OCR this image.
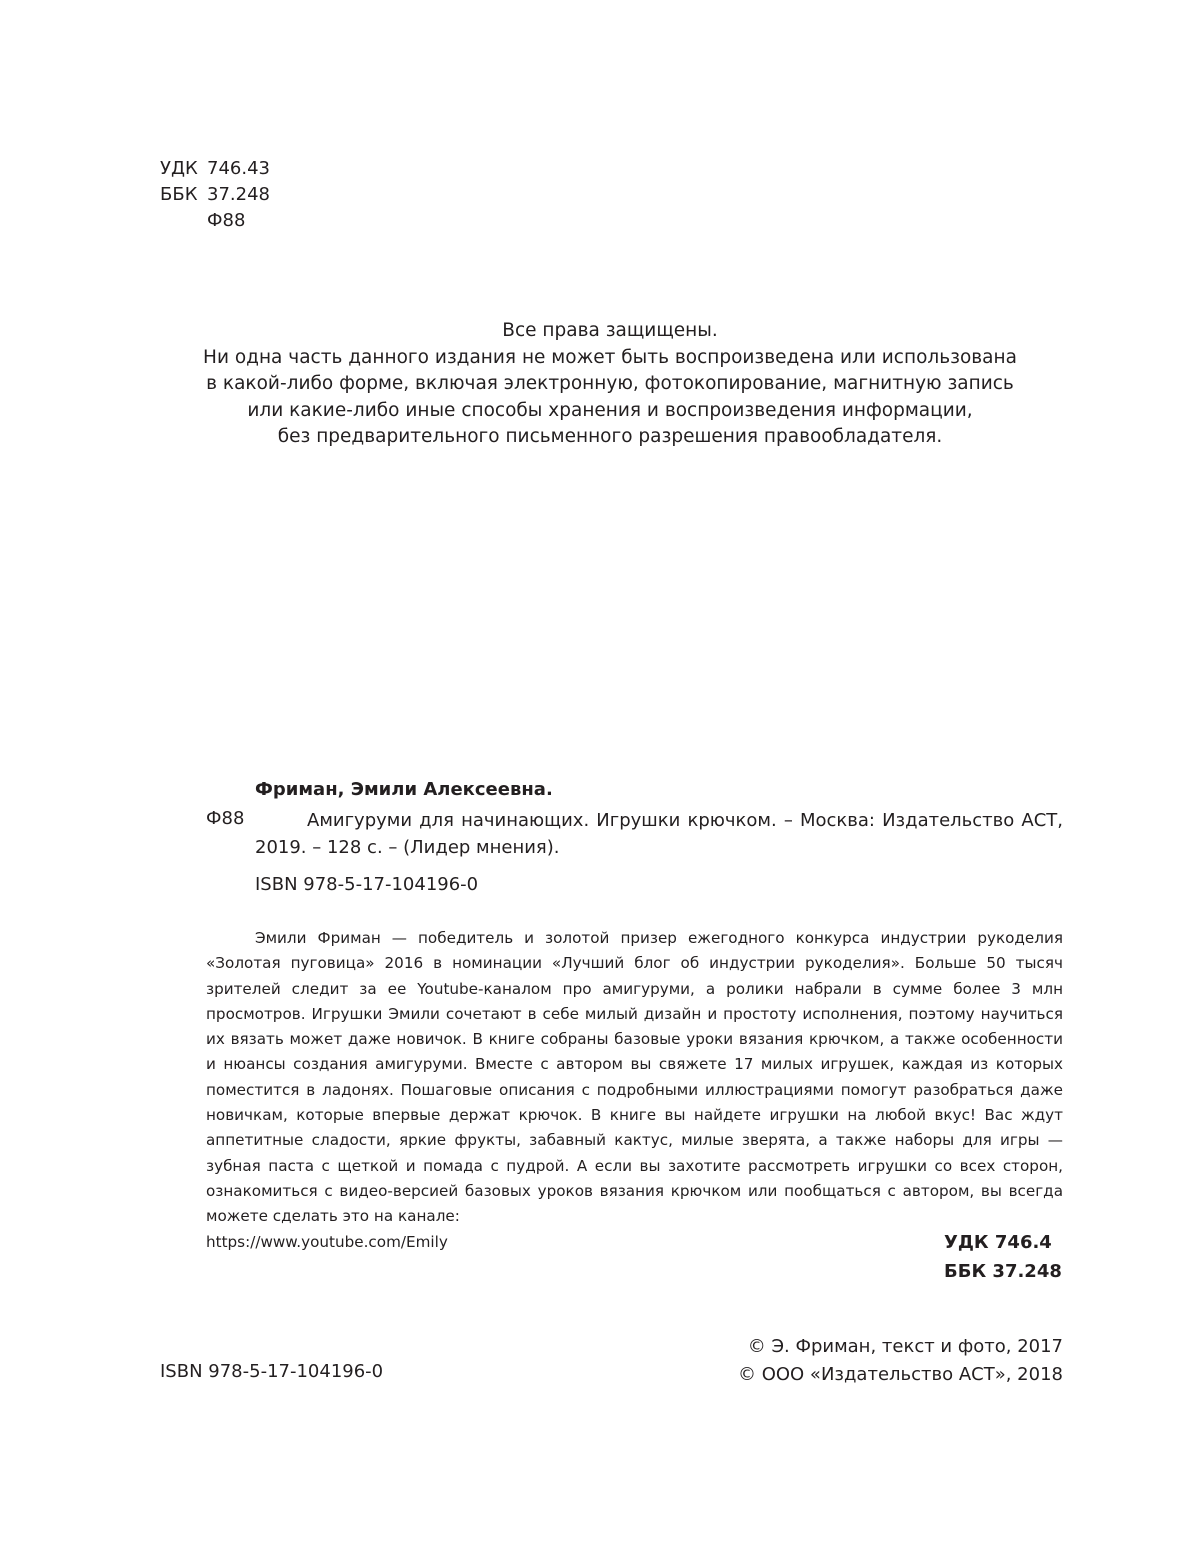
УДК 746.43
ББК 37.248
Ф88
Все права защищены.
Ни одна часть данного издания не может быть воспроизведена или использована
в какой-либо форме, включая электронную, фотокопирование, магнитную запись
или какие-либо иные способы хранения и воспроизведения информации,
без предварительного письменного разрешения правообладателя.
Фриман, Эмили Алексеевна.
Ф88	Амигуруми для начинающих. Игрушки крючком. – Москва: Издательство АСТ, 2019. – 128 с. – (Лидер мнения).
ISBN 978-5-17-104196-0
Эмили Фриман — победитель и золотой призер ежегодного конкурса индустрии рукоделия «Золотая пуговица» 2016 в номинации «Лучший блог об индустрии рукоделия». Больше 50 тысяч зрителей следит за ее Youtube-каналом про амигуруми, а ролики набрали в сумме более 3 млн просмотров. Игрушки Эмили сочетают в себе милый дизайн и простоту исполнения, поэтому научиться их вязать может даже новичок. В книге собраны базовые уроки вязания крючком, а также особенности и нюансы создания амигуруми. Вместе с автором вы свяжете 17 милых игрушек, каждая из которых поместится в ладонях. Пошаговые описания с подробными иллюстрациями помогут разобраться даже новичкам, которые впервые держат крючок. В книге вы найдете игрушки на любой вкус! Вас ждут аппетитные сладости, яркие фрукты, забавный кактус, милые зверята, а также наборы для игры — зубная паста с щеткой и помада с пудрой. А если вы захотите рассмотреть игрушки со всех сторон, ознакомиться с видео-версией базовых уроков вязания крючком или пообщаться с автором, вы всегда можете сделать это на канале:
https://www.youtube.com/Emily	УДК 746.4
ББК 37.248
ISBN 978-5-17-104196-0
© Э. Фриман, текст и фото, 2017
© ООО «Издательство АСТ», 2018
